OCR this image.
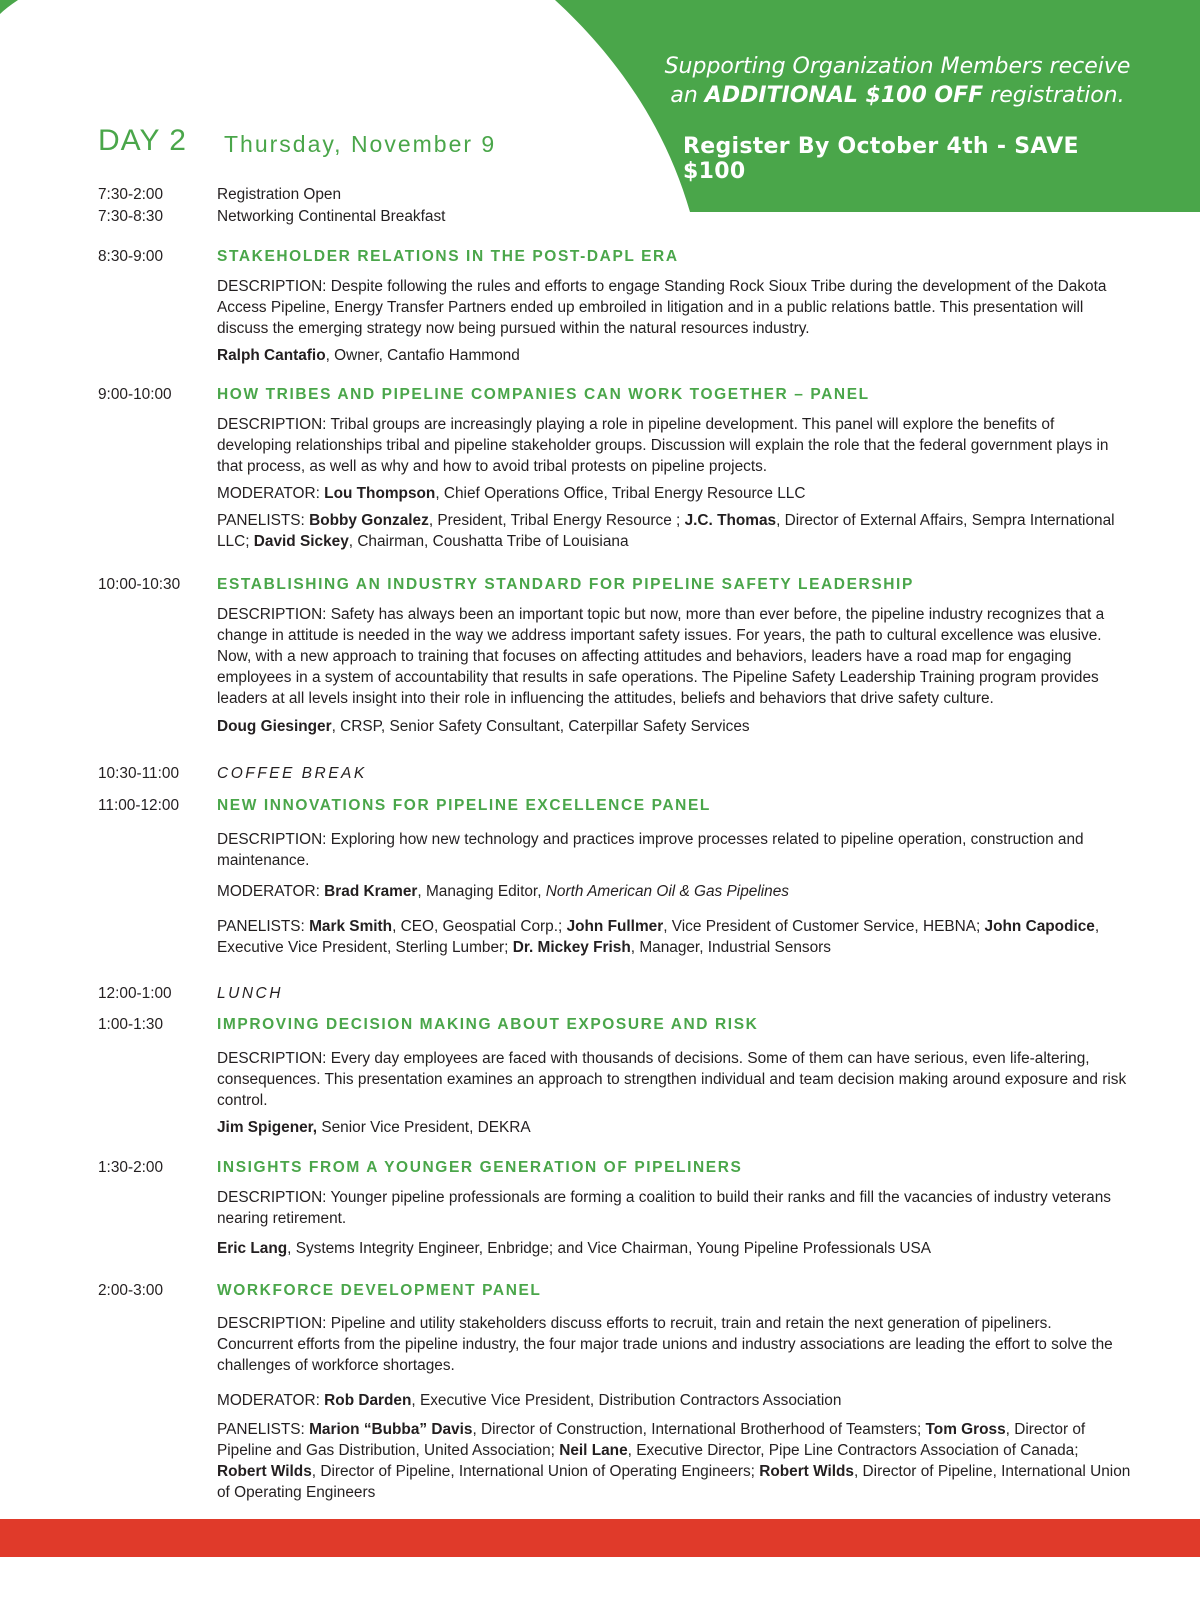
Supporting Organization Members receive
an ADDITIONAL $100 OFF registration.
Register By October 4th - SAVE $100
DAY 2 Thursday, November 9
7:30-2:00	Registration Open
7:30-8:30	Networking Continental Breakfast
8:30-9:00	STAKEHOLDER RELATIONS IN THE POST-DAPL ERA

DESCRIPTION: Despite following the rules and efforts to engage Standing Rock Sioux Tribe during the development of the Dakota Access Pipeline, Energy Transfer Partners ended up embroiled in litigation and in a public relations battle. This presentation will discuss the emerging strategy now being pursued within the natural resources industry.

Ralph Cantafio, Owner, Cantafio Hammond

9:00-10:00	HOW TRIBES AND PIPELINE COMPANIES CAN WORK TOGETHER – PANEL

DESCRIPTION: Tribal groups are increasingly playing a role in pipeline development. This panel will explore the benefits of developing relationships tribal and pipeline stakeholder groups. Discussion will explain the role that the federal government plays in that process, as well as why and how to avoid tribal protests on pipeline projects.

MODERATOR: Lou Thompson, Chief Operations Office, Tribal Energy Resource LLC

PANELISTS: Bobby Gonzalez, President, Tribal Energy Resource ; J.C. Thomas, Director of External Affairs, Sempra International LLC; David Sickey, Chairman, Coushatta Tribe of Louisiana

10:00-10:30	ESTABLISHING AN INDUSTRY STANDARD FOR PIPELINE SAFETY LEADERSHIP

DESCRIPTION: Safety has always been an important topic but now, more than ever before, the pipeline industry recognizes that a change in attitude is needed in the way we address important safety issues. For years, the path to cultural excellence was elusive. Now, with a new approach to training that focuses on affecting attitudes and behaviors, leaders have a road map for engaging employees in a system of accountability that results in safe operations. The Pipeline Safety Leadership Training program provides leaders at all levels insight into their role in influencing the attitudes, beliefs and behaviors that drive safety culture.

Doug Giesinger, CRSP, Senior Safety Consultant, Caterpillar Safety Services

10:30-11:00	COFFEE BREAK
11:00-12:00	NEW INNOVATIONS FOR PIPELINE EXCELLENCE PANEL

DESCRIPTION: Exploring how new technology and practices improve processes related to pipeline operation, construction and maintenance.

MODERATOR: Brad Kramer, Managing Editor, North American Oil & Gas Pipelines

PANELISTS: Mark Smith, CEO, Geospatial Corp.; John Fullmer, Vice President of Customer Service, HEBNA; John Capodice, Executive Vice President, Sterling Lumber; Dr. Mickey Frish, Manager, Industrial Sensors

12:00-1:00	LUNCH
1:00-1:30	IMPROVING DECISION MAKING ABOUT EXPOSURE AND RISK

DESCRIPTION: Every day employees are faced with thousands of decisions. Some of them can have serious, even life-altering, consequences. This presentation examines an approach to strengthen individual and team decision making around exposure and risk control.

Jim Spigener, Senior Vice President, DEKRA

1:30-2:00	INSIGHTS FROM A YOUNGER GENERATION OF PIPELINERS

DESCRIPTION: Younger pipeline professionals are forming a coalition to build their ranks and fill the vacancies of industry veterans nearing retirement.

Eric Lang, Systems Integrity Engineer, Enbridge; and Vice Chairman, Young Pipeline Professionals USA

2:00-3:00	WORKFORCE DEVELOPMENT PANEL

DESCRIPTION: Pipeline and utility stakeholders discuss efforts to recruit, train and retain the next generation of pipeliners. Concurrent efforts from the pipeline industry, the four major trade unions and industry associations are leading the effort to solve the challenges of workforce shortages.

MODERATOR: Rob Darden, Executive Vice President, Distribution Contractors Association

PANELISTS: Marion “Bubba” Davis, Director of Construction, International Brotherhood of Teamsters; Tom Gross, Director of Pipeline and Gas Distribution, United Association; Neil Lane, Executive Director, Pipe Line Contractors Association of Canada; Robert Wilds, Director of Pipeline, International Union of Operating Engineers; Robert Wilds, Director of Pipeline, International Union of Operating Engineers
